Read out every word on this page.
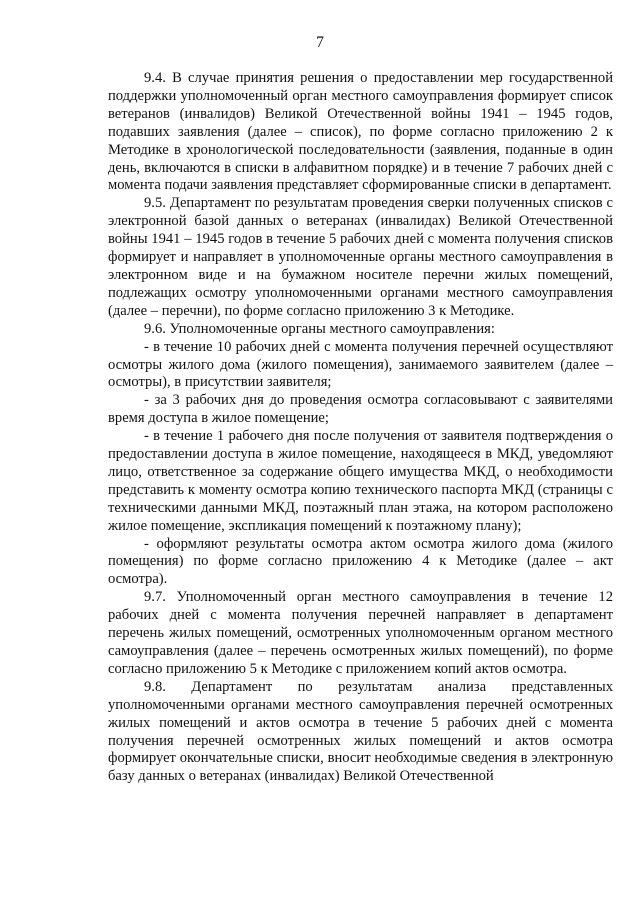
7

9.4. В случае принятия решения о предоставлении мер государственной поддержки уполномоченный орган местного самоуправления формирует список ветеранов (инвалидов) Великой Отечественной войны 1941 – 1945 годов, подавших заявления (далее – список), по форме согласно приложению 2 к Методике в хронологической последовательности (заявления, поданные в один день, включаются в списки в алфавитном порядке) и в течение 7 рабочих дней с момента подачи заявления представляет сформированные списки в департамент.

9.5. Департамент по результатам проведения сверки полученных списков с электронной базой данных о ветеранах (инвалидах) Великой Отечественной войны 1941 – 1945 годов в течение 5 рабочих дней с момента получения списков формирует и направляет в уполномоченные органы местного самоуправления в электронном виде и на бумажном носителе перечни жилых помещений, подлежащих осмотру уполномоченными органами местного самоуправления (далее – перечни), по форме согласно приложению 3 к Методике.

9.6. Уполномоченные органы местного самоуправления:

- в течение 10 рабочих дней с момента получения перечней осуществляют осмотры жилого дома (жилого помещения), занимаемого заявителем (далее – осмотры), в присутствии заявителя;

- за 3 рабочих дня до проведения осмотра согласовывают с заявителями время доступа в жилое помещение;

- в течение 1 рабочего дня после получения от заявителя подтверждения о предоставлении доступа в жилое помещение, находящееся в МКД, уведомляют лицо, ответственное за содержание общего имущества МКД, о необходимости представить к моменту осмотра копию технического паспорта МКД (страницы с техническими данными МКД, поэтажный план этажа, на котором расположено жилое помещение, экспликация помещений к поэтажному плану);

- оформляют результаты осмотра актом осмотра жилого дома (жилого помещения) по форме согласно приложению 4 к Методике (далее – акт осмотра).

9.7. Уполномоченный орган местного самоуправления в течение 12 рабочих дней с момента получения перечней направляет в департамент перечень жилых помещений, осмотренных уполномоченным органом местного самоуправления (далее – перечень осмотренных жилых помещений), по форме согласно приложению 5 к Методике с приложением копий актов осмотра.

9.8. Департамент по результатам анализа представленных уполномоченными органами местного самоуправления перечней осмотренных жилых помещений и актов осмотра в течение 5 рабочих дней с момента получения перечней осмотренных жилых помещений и актов осмотра формирует окончательные списки, вносит необходимые сведения в электронную базу данных о ветеранах (инвалидах) Великой Отечественной
